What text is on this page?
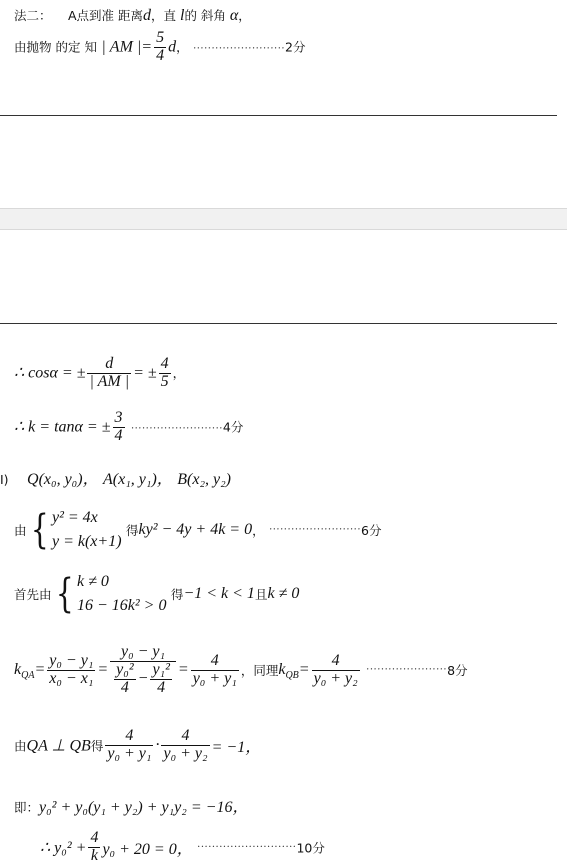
法二： A点到准 距离d，直 l的 斜角 α，
由抛物 的定 知 | AM |= $\frac{5}{4}$ d， ·························2分
∴ cosα = ± $\frac{d}{| AM |}$ = ± $\frac{4}{5}$ ，
∴ k = tanα = ± $\frac{3}{4} \cdot\cdot\cdot\cdot\cdot\cdot\cdot\cdot\cdot\cdot\cdot\cdot\cdot\cdot\cdot\cdot\cdot\cdot\cdot\cdot\cdot\cdot\cdot\cdot\cdot 4$分
I) Q(x₀, y₀)， A(x₁, y₁)， B(x₂, y₂)
由{ y² = 4x
y = k(x+1)
得ky² − 4y + 4k = 0， ·························6分
首先由{ k ≠ 0
16 − 16k² > 0
得−1 < k < 1且k ≠ 0
$k_{QA}= \frac{\text{y₀ − y₁}}{\text{x₀ − x₁}} = \frac{\text{y₀ − y₁}}{\frac{\text{y₀²}}{4} - \frac{\text{y₁²}}{4}} = \frac{4}{\text{y₀ + y₁}}$ ，同理$k_{QB}= \frac{4}{\text{y₀ + y₂}} \cdot\cdot\cdot\cdot\cdot\cdot\cdot\cdot\cdot\cdot\cdot\cdot\cdot\cdot\cdot\cdot\cdot\cdot\cdot\cdot\cdot\cdot 8$分
由QA ⊥ QB得 $\frac{4}{\text{y₀ + y₁}} \cdot \frac{4}{\text{y₀ + y₂}} = -1$，
即：y₀² + y₀(y₁ + y₂) + y₁y₂ = −16，
∴ $y_0^2 + \frac{4}{k} y_0 + 20 = 0$， ···························10分
